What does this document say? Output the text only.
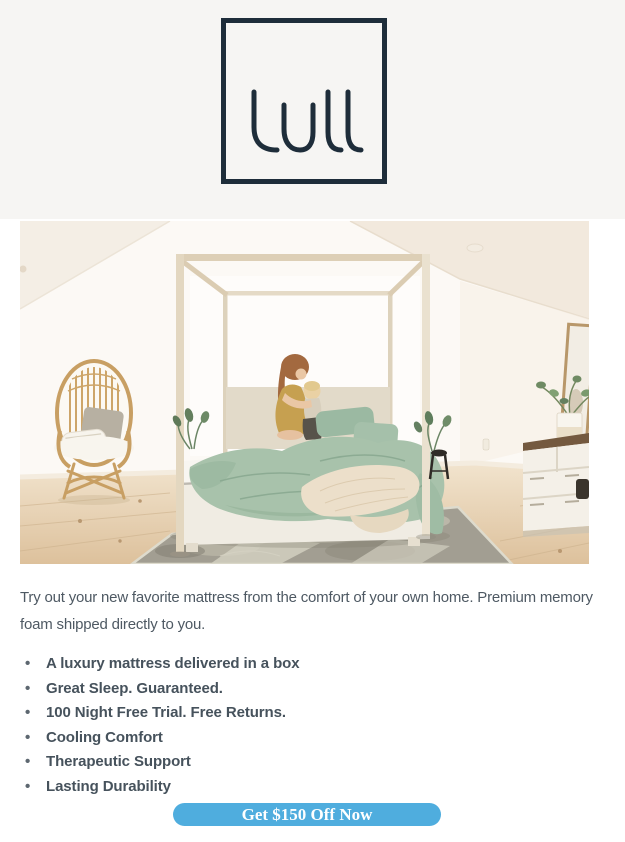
Try out your new favorite mattress from the comfort of your own home. Premium memory foam shipped directly to you.

• A luxury mattress delivered in a box
• Great Sleep. Guaranteed.
• 100 Night Free Trial. Free Returns.
• Cooling Comfort
• Therapeutic Support
• Lasting Durability
Get $150 Off Now
